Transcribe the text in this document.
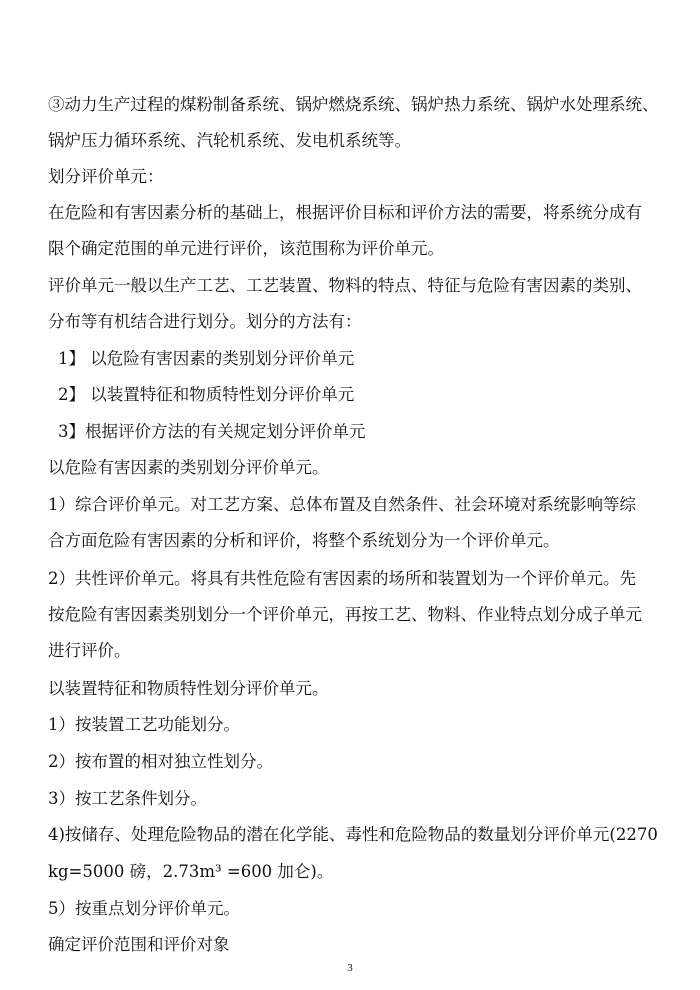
③动力生产过程的煤粉制备系统、锅炉燃烧系统、锅炉热力系统、锅炉水处理系统、
锅炉压力循环系统、汽轮机系统、发电机系统等。
划分评价单元：
在危险和有害因素分析的基础上，根据评价目标和评价方法的需要，将系统分成有
限个确定范围的单元进行评价，该范围称为评价单元。
评价单元一般以生产工艺、工艺装置、物料的特点、特征与危险有害因素的类别、
分布等有机结合进行划分。划分的方法有：
1】 以危险有害因素的类别划分评价单元
2】 以装置特征和物质特性划分评价单元
3】根据评价方法的有关规定划分评价单元
以危险有害因素的类别划分评价单元。
1）综合评价单元。对工艺方案、总体布置及自然条件、社会环境对系统影响等综
合方面危险有害因素的分析和评价，将整个系统划分为一个评价单元。
2）共性评价单元。将具有共性危险有害因素的场所和装置划为一个评价单元。先
按危险有害因素类别划分一个评价单元，再按工艺、物料、作业特点划分成子单元
进行评价。
以装置特征和物质特性划分评价单元。
1）按装置工艺功能划分。
2）按布置的相对独立性划分。
3）按工艺条件划分。
4)按储存、处理危险物品的潜在化学能、毒性和危险物品的数量划分评价单元(2270
kg=5000 磅，2.73m³ =600 加仑)。
5）按重点划分评价单元。
确定评价范围和评价对象
3
